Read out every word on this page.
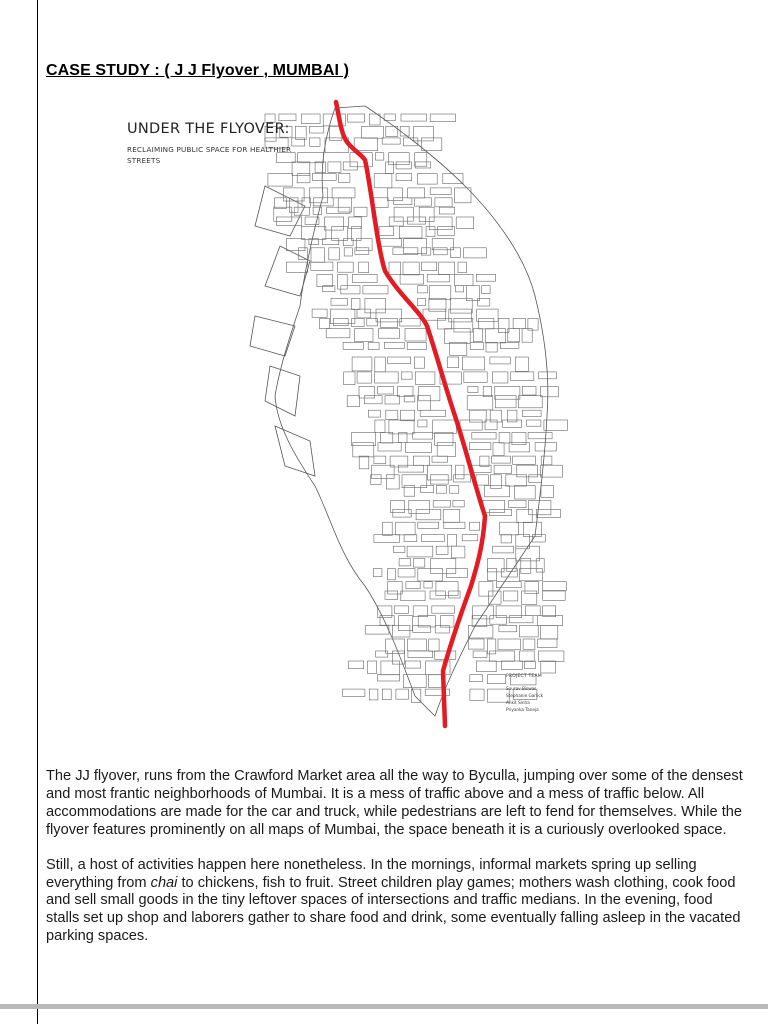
CASE STUDY : ( J J Flyover , MUMBAI )
UNDER THE FLYOVER:
RECLAIMING PUBLIC SPACE FOR HEALTHIER STREETS
PROJECT TEAM
Sourav Biswas
Stephanie Garlick
Ankit Sinha
Priyanka Taneja

The JJ flyover, runs from the Crawford Market area all the way to Byculla, jumping over some of the densest and most frantic neighborhoods of Mumbai. It is a mess of traffic above and a mess of traffic below. All accommodations are made for the car and truck, while pedestrians are left to fend for themselves. While the flyover features prominently on all maps of Mumbai, the space beneath it is a curiously overlooked space.

Still, a host of activities happen here nonetheless. In the mornings, informal markets spring up selling everything from chai to chickens, fish to fruit. Street children play games; mothers wash clothing, cook food and sell small goods in the tiny leftover spaces of intersections and traffic medians. In the evening, food stalls set up shop and laborers gather to share food and drink, some eventually falling asleep in the vacated parking spaces.
